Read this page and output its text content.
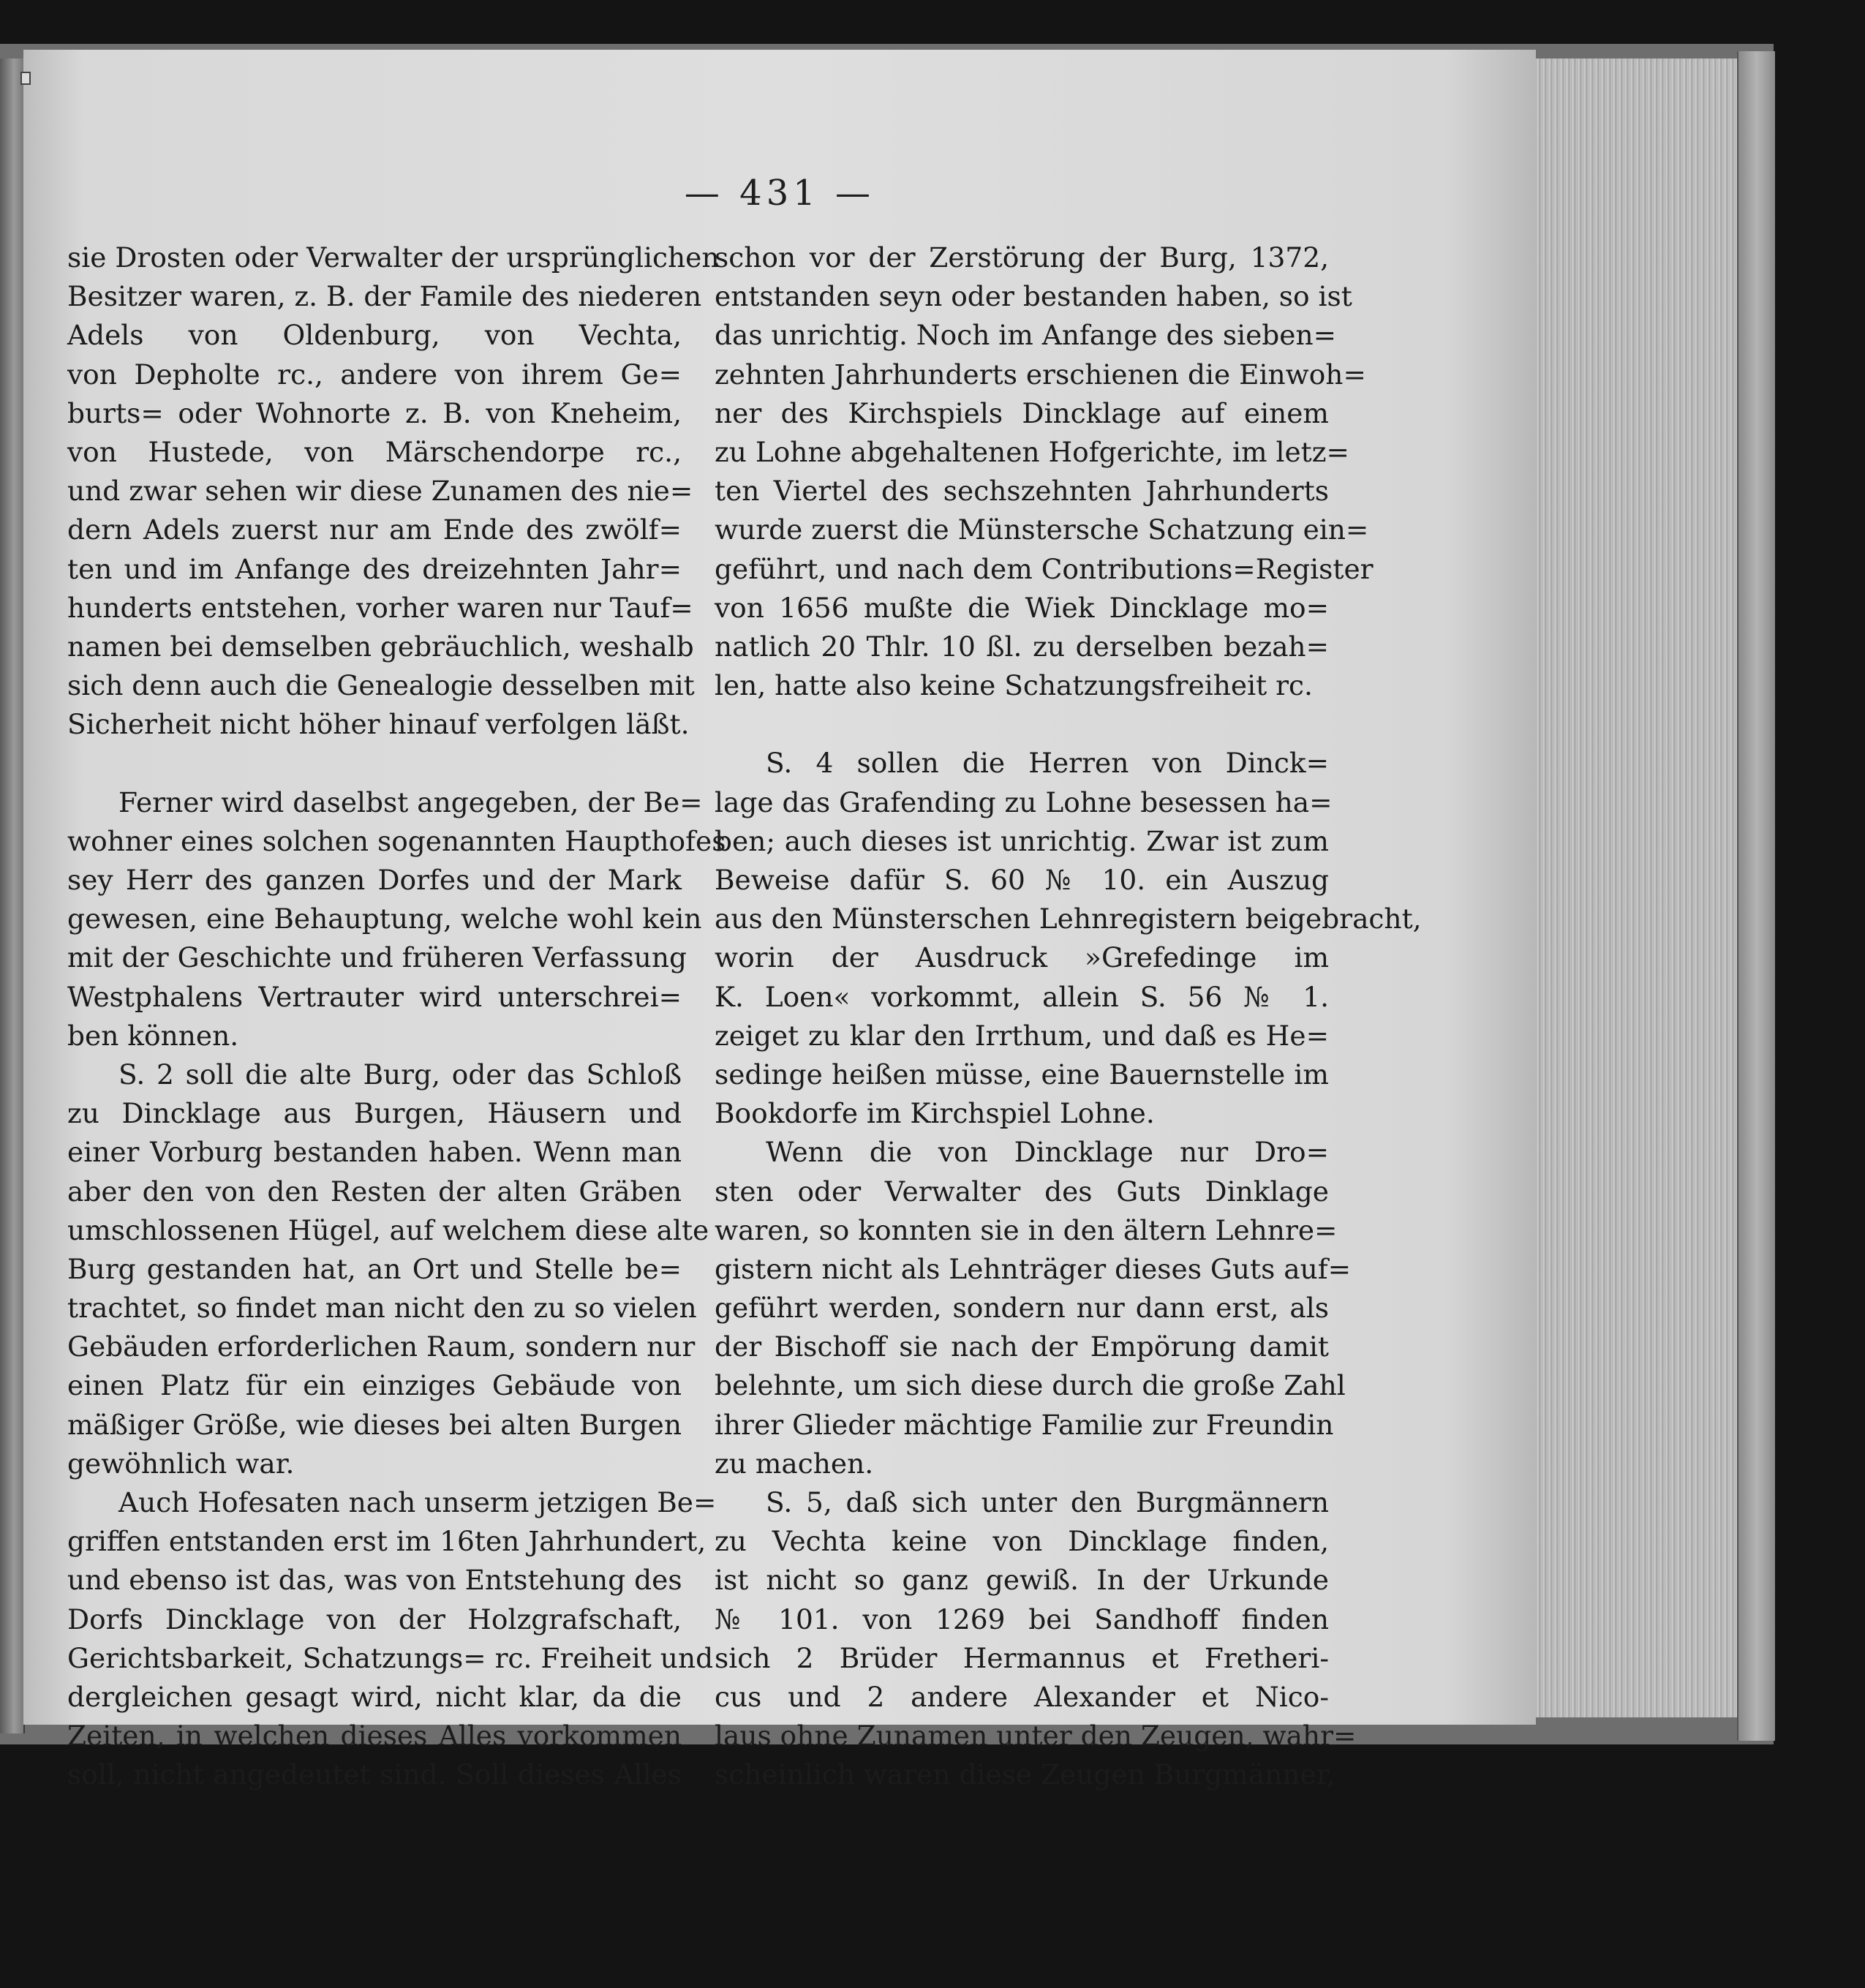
— 431 —
sie Drosten oder Verwalter der ursprünglichen
Besitzer waren, z. B. der Famile des niederen
Adels von Oldenburg, von Vechta,
von Depholte rc., andere von ihrem Ge=
burts= oder Wohnorte z. B. von Kneheim,
von Hustede, von Märschendorpe rc.,
und zwar sehen wir diese Zunamen des nie=
dern Adels zuerst nur am Ende des zwölf=
ten und im Anfange des dreizehnten Jahr=
hunderts entstehen, vorher waren nur Tauf=
namen bei demselben gebräuchlich, weshalb
sich denn auch die Genealogie desselben mit
Sicherheit nicht höher hinauf verfolgen läßt.
Ferner wird daselbst angegeben, der Be=
wohner eines solchen sogenannten Haupthofes
sey Herr des ganzen Dorfes und der Mark
gewesen, eine Behauptung, welche wohl kein
mit der Geschichte und früheren Verfassung
Westphalens Vertrauter wird unterschrei=
ben können.
S. 2 soll die alte Burg, oder das Schloß
zu Dincklage aus Burgen, Häusern und
einer Vorburg bestanden haben. Wenn man
aber den von den Resten der alten Gräben
umschlossenen Hügel, auf welchem diese alte
Burg gestanden hat, an Ort und Stelle be=
trachtet, so findet man nicht den zu so vielen
Gebäuden erforderlichen Raum, sondern nur
einen Platz für ein einziges Gebäude von
mäßiger Größe, wie dieses bei alten Burgen
gewöhnlich war.
Auch Hofesaten nach unserm jetzigen Be=
griffen entstanden erst im 16ten Jahrhundert,
und ebenso ist das, was von Entstehung des
Dorfs Dincklage von der Holzgrafschaft,
Gerichtsbarkeit, Schatzungs= rc. Freiheit und
dergleichen gesagt wird, nicht klar, da die
Zeiten, in welchen dieses Alles vorkommen
soll, nicht angedeutet sind. Soll dieses Alles
schon vor der Zerstörung der Burg, 1372,
entstanden seyn oder bestanden haben, so ist
das unrichtig. Noch im Anfange des sieben=
zehnten Jahrhunderts erschienen die Einwoh=
ner des Kirchspiels Dincklage auf einem
zu Lohne abgehaltenen Hofgerichte, im letz=
ten Viertel des sechszehnten Jahrhunderts
wurde zuerst die Münstersche Schatzung ein=
geführt, und nach dem Contributions=Register
von 1656 mußte die Wiek Dincklage mo=
natlich 20 Thlr. 10 ßl. zu derselben bezah=
len, hatte also keine Schatzungsfreiheit rc.
S. 4 sollen die Herren von Dinck=
lage das Grafending zu Lohne besessen ha=
ben; auch dieses ist unrichtig. Zwar ist zum
Beweise dafür S. 60 № 10. ein Auszug
aus den Münsterschen Lehnregistern beigebracht,
worin der Ausdruck »Grefedinge im
K. Loen« vorkommt, allein S. 56 № 1.
zeiget zu klar den Irrthum, und daß es He=
sedinge heißen müsse, eine Bauernstelle im
Bookdorfe im Kirchspiel Lohne.
Wenn die von Dincklage nur Dro=
sten oder Verwalter des Guts Dinklage
waren, so konnten sie in den ältern Lehnre=
gistern nicht als Lehnträger dieses Guts auf=
geführt werden, sondern nur dann erst, als
der Bischoff sie nach der Empörung damit
belehnte, um sich diese durch die große Zahl
ihrer Glieder mächtige Familie zur Freundin
zu machen.
S. 5, daß sich unter den Burgmännern
zu Vechta keine von Dincklage finden,
ist nicht so ganz gewiß. In der Urkunde
№ 101. von 1269 bei Sandhoff finden
sich 2 Brüder Hermannus et Fretheri-
cus und 2 andere Alexander et Nico-
laus ohne Zunamen unter den Zeugen, wahr=
scheinlich waren diese Zeugen Burgmänner,
